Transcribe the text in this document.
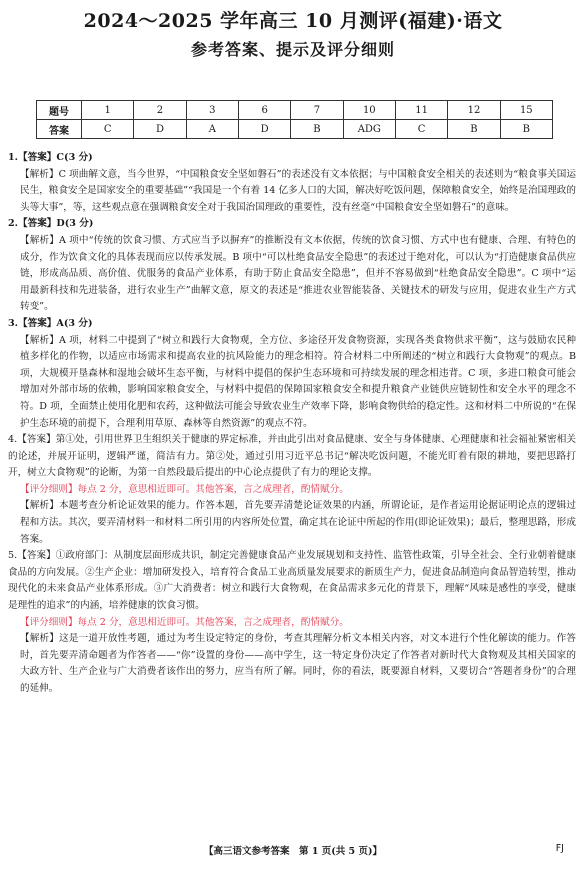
2024～2025 学年高三 10 月测评(福建)·语文
参考答案、提示及评分细则
题号	1	2	3	6	7	10	11	12	15
答案	C	D	A	D	B	ADG	C	B	B

1.【答案】C(3 分)

【解析】C 项曲解文意，当今世界，“中国粮食安全坚如磐石”的表述没有文本依据；与中国粮食安全相关的表述则为“粮食事关国运民生，粮食安全是国家安全的重要基础”“我国是一个有着 14 亿多人口的大国，解决好吃饭问题，保障粮食安全，始终是治国理政的头等大事”，等，这些观点意在强调粮食安全对于我国治国理政的重要性，没有丝毫“中国粮食安全坚如磐石”的意味。

2.【答案】D(3 分)

【解析】A 项中“传统的饮食习惯、方式应当予以摒弃”的推断没有文本依据，传统的饮食习惯、方式中也有健康、合理、有特色的成分，作为饮食文化的具体表现而应以传承发展。B 项中“可以杜绝食品安全隐患”的表述过于绝对化，可以认为“打造健康食品供应链，形成高品质、高价值、优服务的食品产业体系，有助于防止食品安全隐患”，但并不容易做到“杜绝食品安全隐患”。C 项中“运用最新科技和先进装备，进行农业生产”曲解文意，原文的表述是“推进农业智能装备、关键技术的研发与应用，促进农业生产方式转变”。

3.【答案】A(3 分)

【解析】A 项，材料二中提到了“树立和践行大食物观，全方位、多途径开发食物资源，实现各类食物供求平衡”，这与鼓励农民种植多样化的作物，以适应市场需求和提高农业的抗风险能力的理念相符。符合材料二中所阐述的“树立和践行大食物观”的观点。B 项，大规模开垦森林和湿地会破坏生态平衡，与材料中提倡的保护生态环境和可持续发展的理念相违背。C 项，多进口粮食可能会增加对外部市场的依赖，影响国家粮食安全，与材料中提倡的保障国家粮食安全和提升粮食产业链供应链韧性和安全水平的理念不符。D 项，全面禁止使用化肥和农药，这种做法可能会导致农业生产效率下降，影响食物供给的稳定性。这和材料二中所说的“在保护生态环境的前提下，合理利用草原、森林等自然资源”的观点不符。

4.【答案】第①处，引用世界卫生组织关于健康的界定标准，并由此引出对食品健康、安全与身体健康、心理健康和社会福祉紧密相关的论述，并展开证明，逻辑严谨，简洁有力。第②处，通过引用习近平总书记“解决吃饭问题，不能光盯着有限的耕地，要把思路打开，树立大食物观”的论断，为第一自然段最后提出的中心论点提供了有力的理论支撑。

【评分细则】每点 2 分，意思相近即可。其他答案，言之成理者，酌情赋分。

【解析】本题考查分析论证效果的能力。作答本题，首先要弄清楚论证效果的内涵，所谓论证，是作者运用论据证明论点的逻辑过程和方法。其次，要弄清材料一和材料二所引用的内容所处位置，确定其在论证中所起的作用(即论证效果)；最后，整理思路，形成答案。

5.【答案】①政府部门：从制度层面形成共识，制定完善健康食品产业发展规划和支持性、监管性政策，引导全社会、全行业朝着健康食品的方向发展。②生产企业：增加研发投入，培育符合食品工业高质量发展要求的新质生产力，促进食品制造向食品智造转型，推动现代化的未来食品产业体系形成。③广大消费者：树立和践行大食物观，在食品需求多元化的背景下，理解“风味是感性的享受，健康是理性的追求”的内涵，培养健康的饮食习惯。

【评分细则】每点 2 分，意思相近即可。其他答案，言之成理者，酌情赋分。

【解析】这是一道开放性考题，通过为考生设定特定的身份，考查其理解分析文本相关内容，对文本进行个性化解读的能力。作答时，首先要弄清命题者为作答者——“你”设置的身份——高中学生，这一特定身份决定了作答者对新时代大食物观及其相关国家的大政方针、生产企业与广大消费者该作出的努力，应当有所了解。同时，你的看法，既要源自材料，又要切合“答题者身份”的合理的延伸。

【高三语文参考答案　第 1 页(共 5 页)】	FJ
